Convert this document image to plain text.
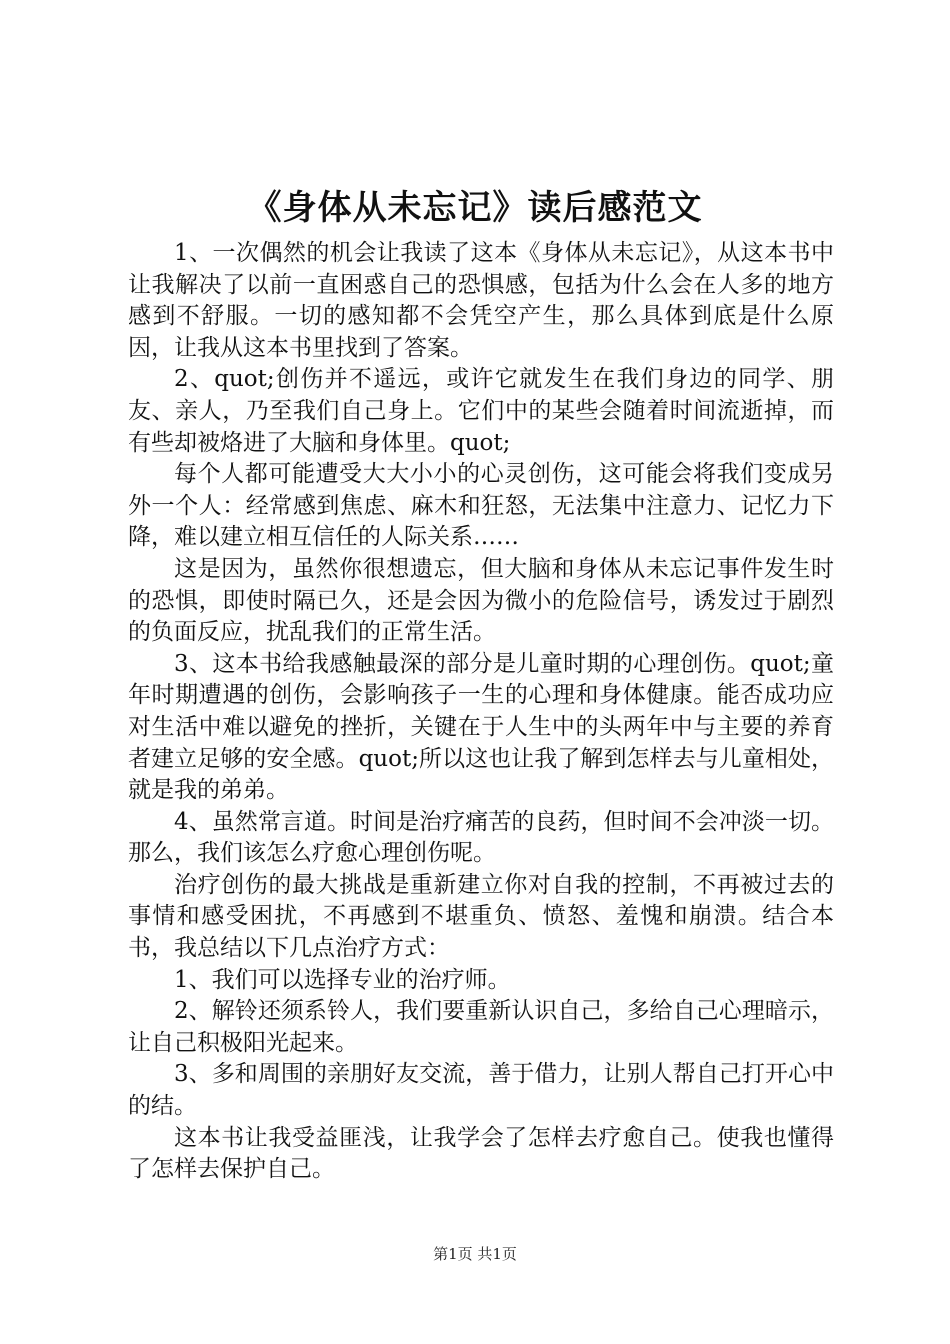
《身体从未忘记》读后感范文

1、一次偶然的机会让我读了这本《身体从未忘记》，从这本书中让我解决了以前一直困惑自己的恐惧感，包括为什么会在人多的地方感到不舒服。一切的感知都不会凭空产生，那么具体到底是什么原因，让我从这本书里找到了答案。

2、quot;创伤并不遥远，或许它就发生在我们身边的同学、朋友、亲人，乃至我们自己身上。它们中的某些会随着时间流逝掉，而有些却被烙进了大脑和身体里。quot;

每个人都可能遭受大大小小的心灵创伤，这可能会将我们变成另外一个人：经常感到焦虑、麻木和狂怒，无法集中注意力、记忆力下降，难以建立相互信任的人际关系……

这是因为，虽然你很想遗忘，但大脑和身体从未忘记事件发生时的恐惧，即使时隔已久，还是会因为微小的危险信号，诱发过于剧烈的负面反应，扰乱我们的正常生活。

3、这本书给我感触最深的部分是儿童时期的心理创伤。quot;童年时期遭遇的创伤，会影响孩子一生的心理和身体健康。能否成功应对生活中难以避免的挫折，关键在于人生中的头两年中与主要的养育者建立足够的安全感。quot;所以这也让我了解到怎样去与儿童相处，就是我的弟弟。

4、虽然常言道。时间是治疗痛苦的良药，但时间不会冲淡一切。那么，我们该怎么疗愈心理创伤呢。

治疗创伤的最大挑战是重新建立你对自我的控制，不再被过去的事情和感受困扰，不再感到不堪重负、愤怒、羞愧和崩溃。结合本书，我总结以下几点治疗方式：

1、我们可以选择专业的治疗师。

2、解铃还须系铃人，我们要重新认识自己，多给自己心理暗示，让自己积极阳光起来。

3、多和周围的亲朋好友交流，善于借力，让别人帮自己打开心中的结。

这本书让我受益匪浅，让我学会了怎样去疗愈自己。使我也懂得了怎样去保护自己。

第1页 共1页
